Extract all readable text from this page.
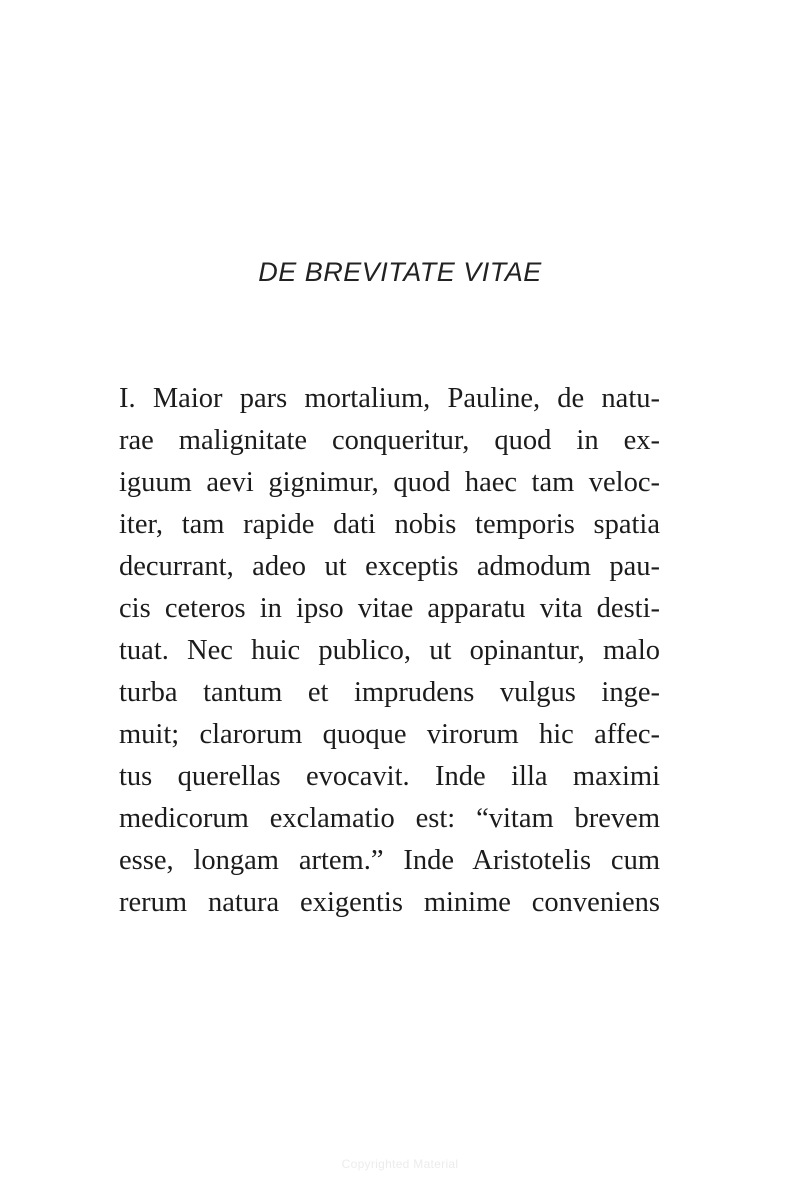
DE BREVITATE VITAE
I. Maior pars mortalium, Pauline, de natu-
rae malignitate conqueritur, quod in ex-
iguum aevi gignimur, quod haec tam veloc-
iter, tam rapide dati nobis temporis spatia
decurrant, adeo ut exceptis admodum pau-
cis ceteros in ipso vitae apparatu vita desti-
tuat. Nec huic publico, ut opinantur, malo
turba tantum et imprudens vulgus inge-
muit; clarorum quoque virorum hic affec-
tus querellas evocavit. Inde illa maximi
medicorum exclamatio est: “vitam brevem
esse, longam artem.” Inde Aristotelis cum
rerum natura exigentis minime conveniens
Copyrighted Material
